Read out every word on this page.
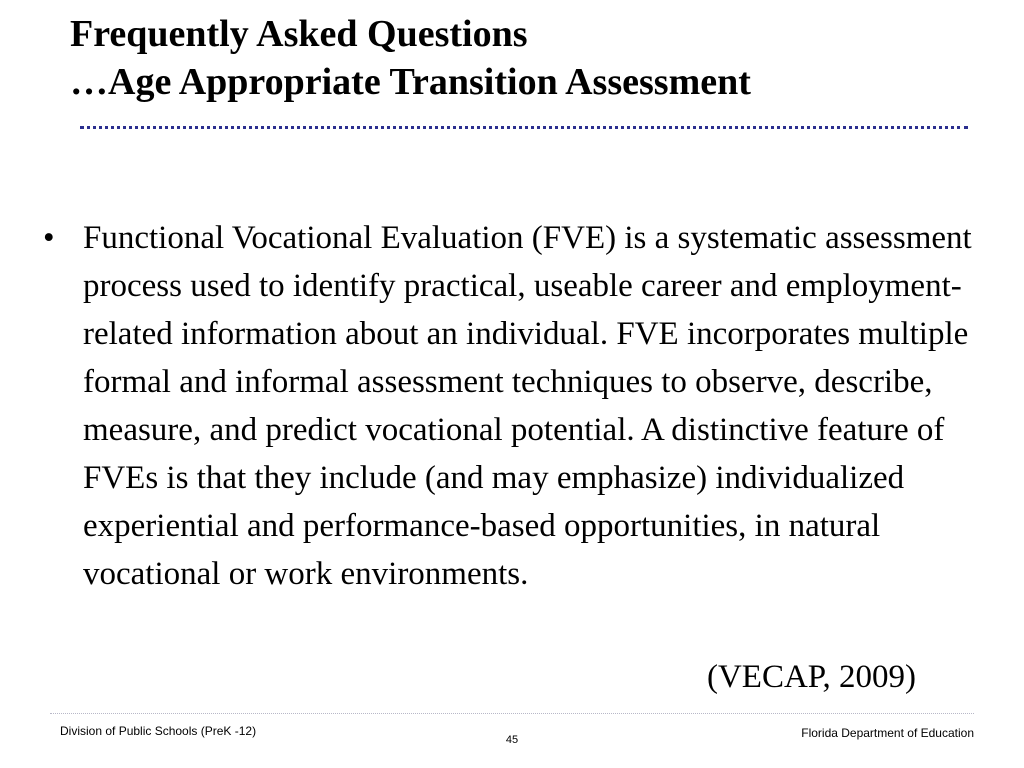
Frequently Asked Questions
…Age Appropriate Transition Assessment
• Functional Vocational Evaluation (FVE) is a systematic assessment process used to identify practical, useable career and employment-related information about an individual. FVE incorporates multiple formal and informal assessment techniques to observe, describe, measure, and predict vocational potential. A distinctive feature of FVEs is that they include (and may emphasize) individualized experiential and performance-based opportunities, in natural vocational or work environments.

(VECAP, 2009)

Division of Public Schools (PreK -12)
45	Florida Department of Education
